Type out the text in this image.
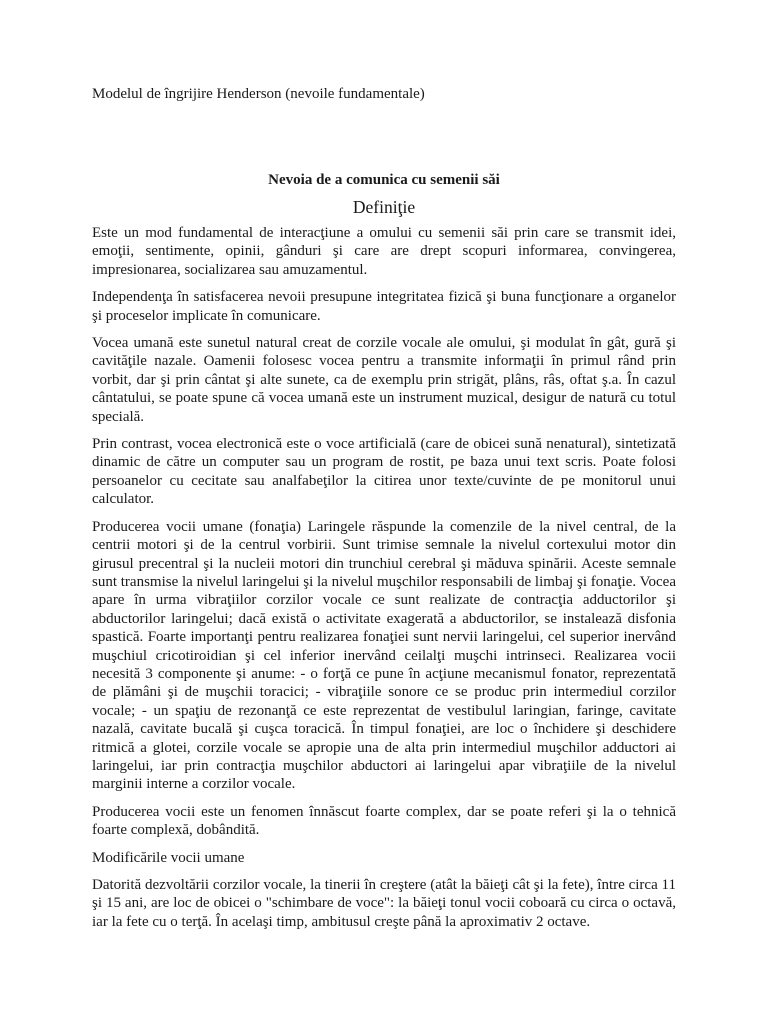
Modelul de îngrijire Henderson (nevoile fundamentale)
Nevoia de a comunica cu semenii săi
Definiţie

Este un mod fundamental de interacţiune a omului cu semenii săi prin care se transmit idei, emoţii, sentimente, opinii, gânduri şi care are drept scopuri informarea, convingerea, impresionarea, socializarea sau amuzamentul.

Independenţa în satisfacerea nevoii presupune integritatea fizică şi buna funcţionare a organelor şi proceselor implicate în comunicare.

Vocea umană este sunetul natural creat de corzile vocale ale omului, şi modulat în gât, gură şi cavităţile nazale. Oamenii folosesc vocea pentru a transmite informaţii în primul rând prin vorbit, dar şi prin cântat şi alte sunete, ca de exemplu prin strigăt, plâns, râs, oftat ş.a. În cazul cântatului, se poate spune că vocea umană este un instrument muzical, desigur de natură cu totul specială.

Prin contrast, vocea electronică este o voce artificială (care de obicei sună nenatural), sintetizată dinamic de către un computer sau un program de rostit, pe baza unui text scris. Poate folosi persoanelor cu cecitate sau analfabeţilor la citirea unor texte/cuvinte de pe monitorul unui calculator.

Producerea vocii umane (fonaţia) Laringele răspunde la comenzile de la nivel central, de la centrii motori şi de la centrul vorbirii. Sunt trimise semnale la nivelul cortexului motor din girusul precentral şi la nucleii motori din trunchiul cerebral şi măduva spinării. Aceste semnale sunt transmise la nivelul laringelui şi la nivelul muşchilor responsabili de limbaj şi fonaţie. Vocea apare în urma vibraţiilor corzilor vocale ce sunt realizate de contracţia adductorilor şi abductorilor laringelui; dacă există o activitate exagerată a abductorilor, se instalează disfonia spastică. Foarte importanţi pentru realizarea fonaţiei sunt nervii laringelui, cel superior inervând muşchiul cricotiroidian şi cel inferior inervând ceilalţi muşchi intrinseci. Realizarea vocii necesită 3 componente şi anume: - o forţă ce pune în acţiune mecanismul fonator, reprezentată de plămâni şi de muşchii toracici; - vibraţiile sonore ce se produc prin intermediul corzilor vocale; - un spaţiu de rezonanţă ce este reprezentat de vestibulul laringian, faringe, cavitate nazală, cavitate bucală şi cuşca toracică. În timpul fonaţiei, are loc o închidere şi deschidere ritmică a glotei, corzile vocale se apropie una de alta prin intermediul muşchilor adductori ai laringelui, iar prin contracţia muşchilor abductori ai laringelui apar vibraţiile de la nivelul marginii interne a corzilor vocale.

Producerea vocii este un fenomen înnăscut foarte complex, dar se poate referi şi la o tehnică foarte complexă, dobândită.

Modificările vocii umane

Datorită dezvoltării corzilor vocale, la tinerii în creştere (atât la băieţi cât şi la fete), între circa 11 şi 15 ani, are loc de obicei o "schimbare de voce": la băieţi tonul vocii coboară cu circa o octavă, iar la fete cu o terţă. În acelaşi timp, ambitusul creşte până la aproximativ 2 octave.
